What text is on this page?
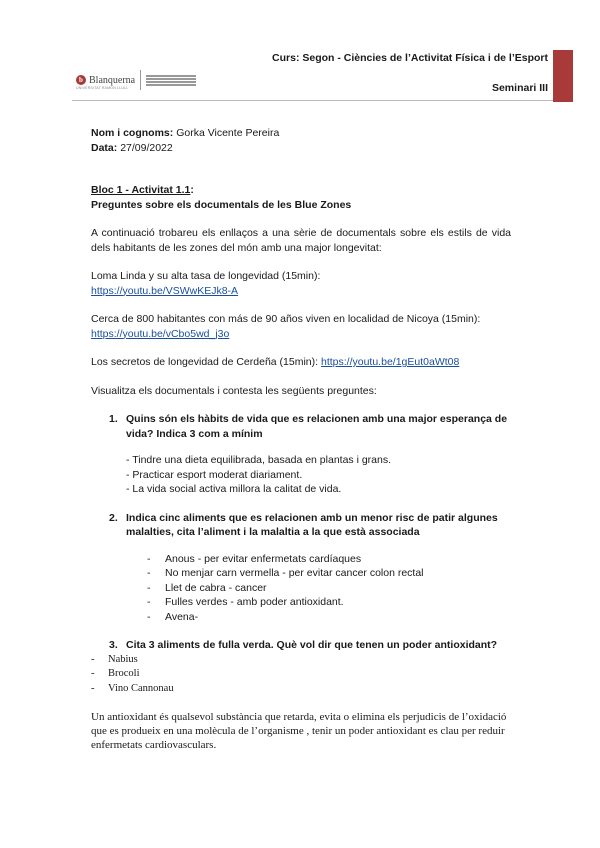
Curs: Segon - Ciències de l’Activitat Física i de l’Esport
Seminari III
b Blanquerna
UNIVERSITAT RAMON LLULL

Nom i cognoms: Gorka Vicente Pereira

Data: 27/09/2022

Bloc 1 - Activitat 1.1:

Preguntes sobre els documentals de les Blue Zones

A continuació trobareu els enllaços a una sèrie de documentals sobre els estils de vida dels habitants de les zones del món amb una major longevitat:

Loma Linda y su alta tasa de longevidad (15min):

https://youtu.be/VSWwKEJk8-A

Cerca de 800 habitantes con más de 90 años viven en localidad de Nicoya (15min):

https://youtu.be/vCbo5wd_j3o

Los secretos de longevidad de Cerdeña (15min): https://youtu.be/1gEut0aWt08

Visualitza els documentals i contesta les següents preguntes:

1. Quins són els hàbits de vida que es relacionen amb una major esperança de vida? Indica 3 com a mínim

- Tindre una dieta equilibrada, basada en plantas i grans.

- Practicar esport moderat diariament.

- La vida social activa millora la calitat de vida.

2. Indica cinc aliments que es relacionen amb un menor risc de patir algunes malalties, cita l’aliment i la malaltia a la que està associada
-	Anous - per evitar enfermetats cardíaques
-	No menjar carn vermella - per evitar cancer colon rectal
-	Llet de cabra - cancer
-	Fulles verdes - amb poder antioxidant.
-	Avena-
3. Cita 3 aliments de fulla verda. Què vol dir que tenen un poder antioxidant?
-	Nabius
-	Brocoli
-	Vino Cannonau

Un antioxidant és qualsevol substància que retarda, evita o elimina els perjudicis de l’oxidació que es produeix en una molècula de l’organisme , tenir un poder antioxidant es clau per reduir enfermetats cardiovasculars.
